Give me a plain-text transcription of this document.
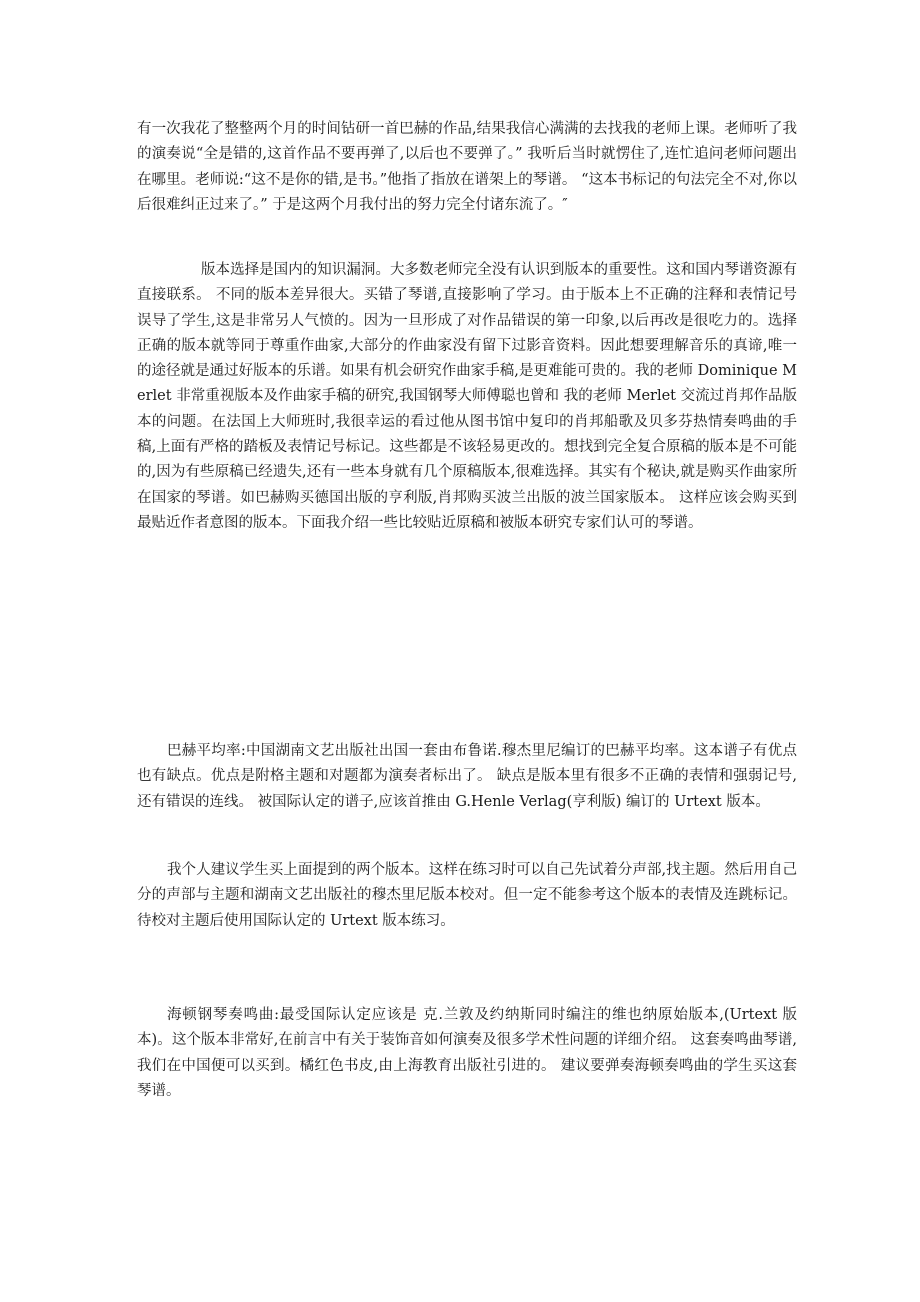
有一次我花了整整两个月的时间钻研一首巴赫的作品,结果我信心满满的去找我的老师上课。老师听了我的演奏说“全是错的,这首作品不要再弹了,以后也不要弹了。” 我听后当时就愣住了,连忙追问老师问题出在哪里。老师说:“这不是你的错,是书。”他指了指放在谱架上的琴谱。 “这本书标记的句法完全不对,你以后很难纠正过来了。” 于是这两个月我付出的努力完全付诸东流了。″

版本选择是国内的知识漏洞。大多数老师完全没有认识到版本的重要性。这和国内琴谱资源有直接联系。 不同的版本差异很大。买错了琴谱,直接影响了学习。由于版本上不正确的注释和表情记号误导了学生,这是非常另人气愤的。因为一旦形成了对作品错误的第一印象,以后再改是很吃力的。选择正确的版本就等同于尊重作曲家,大部分的作曲家没有留下过影音资料。因此想要理解音乐的真谛,唯一的途径就是通过好版本的乐谱。如果有机会研究作曲家手稿,是更难能可贵的。我的老师 Dominique Merlet 非常重视版本及作曲家手稿的研究,我国钢琴大师傅聪也曾和 我的老师 Merlet 交流过肖邦作品版本的问题。在法国上大师班时,我很幸运的看过他从图书馆中复印的肖邦船歌及贝多芬热情奏鸣曲的手稿,上面有严格的踏板及表情记号标记。这些都是不该轻易更改的。想找到完全复合原稿的版本是不可能的,因为有些原稿已经遗失,还有一些本身就有几个原稿版本,很难选择。其实有个秘诀,就是购买作曲家所在国家的琴谱。如巴赫购买德国出版的亨利版,肖邦购买波兰出版的波兰国家版本。 这样应该会购买到最贴近作者意图的版本。下面我介绍一些比较贴近原稿和被版本研究专家们认可的琴谱。

巴赫平均率:中国湖南文艺出版社出国一套由布鲁诺.穆杰里尼编订的巴赫平均率。这本谱子有优点也有缺点。优点是附格主题和对题都为演奏者标出了。 缺点是版本里有很多不正确的表情和强弱记号,还有错误的连线。 被国际认定的谱子,应该首推由 G.Henle Verlag(亨利版) 编订的 Urtext 版本。

我个人建议学生买上面提到的两个版本。这样在练习时可以自己先试着分声部,找主题。然后用自己分的声部与主题和湖南文艺出版社的穆杰里尼版本校对。但一定不能参考这个版本的表情及连跳标记。待校对主题后使用国际认定的 Urtext 版本练习。

海顿钢琴奏鸣曲:最受国际认定应该是 克.兰敦及约纳斯同时编注的维也纳原始版本,(Urtext 版本)。这个版本非常好,在前言中有关于装饰音如何演奏及很多学术性问题的详细介绍。 这套奏鸣曲琴谱,我们在中国便可以买到。橘红色书皮,由上海教育出版社引进的。 建议要弹奏海顿奏鸣曲的学生买这套琴谱。
